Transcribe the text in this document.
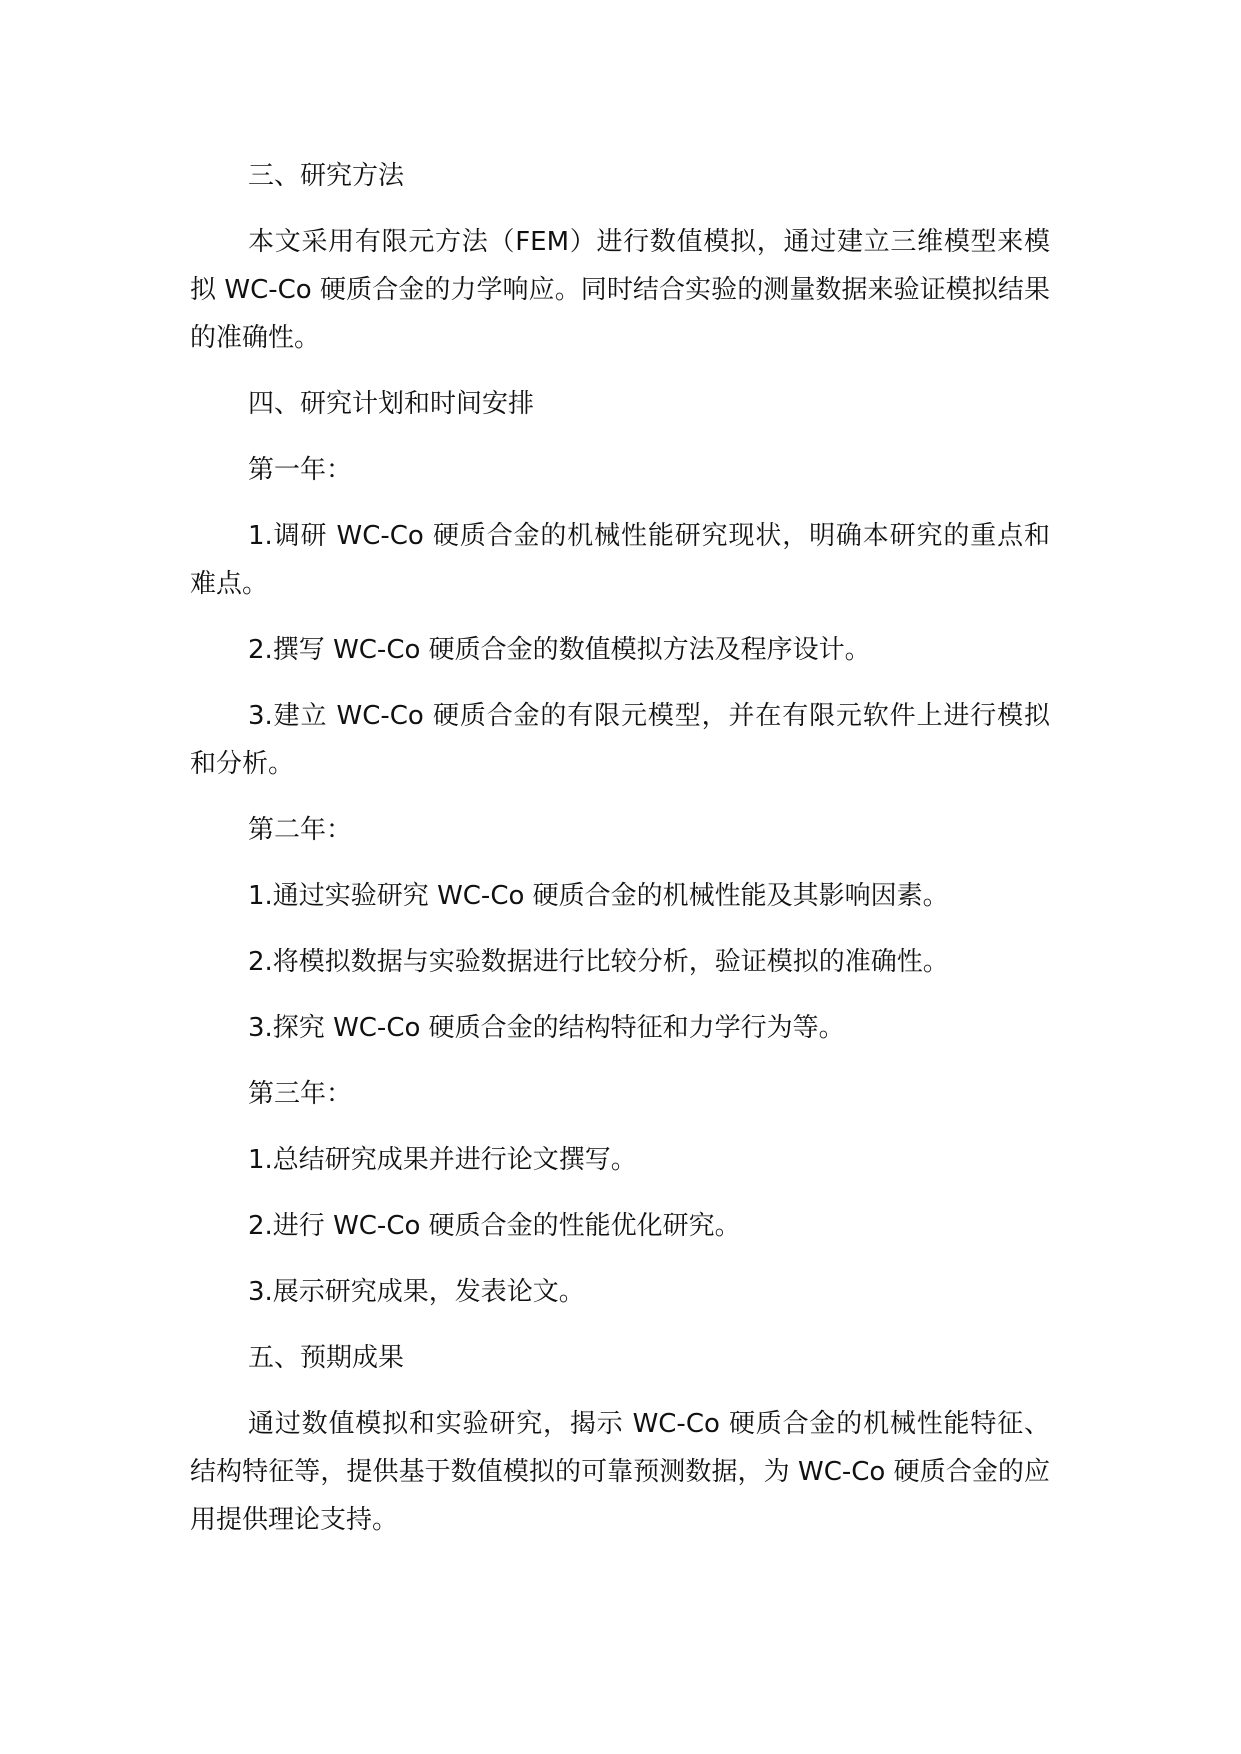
三、研究方法

本文采用有限元方法（FEM）进行数值模拟，通过建立三维模型来模拟 WC-Co 硬质合金的力学响应。同时结合实验的测量数据来验证模拟结果的准确性。

四、研究计划和时间安排

第一年：

1.调研 WC-Co 硬质合金的机械性能研究现状，明确本研究的重点和难点。

2.撰写 WC-Co 硬质合金的数值模拟方法及程序设计。

3.建立 WC-Co 硬质合金的有限元模型，并在有限元软件上进行模拟和分析。

第二年：

1.通过实验研究 WC-Co 硬质合金的机械性能及其影响因素。

2.将模拟数据与实验数据进行比较分析，验证模拟的准确性。

3.探究 WC-Co 硬质合金的结构特征和力学行为等。

第三年：

1.总结研究成果并进行论文撰写。

2.进行 WC-Co 硬质合金的性能优化研究。

3.展示研究成果，发表论文。

五、预期成果

通过数值模拟和实验研究，揭示 WC-Co 硬质合金的机械性能特征、结构特征等，提供基于数值模拟的可靠预测数据，为 WC-Co 硬质合金的应用提供理论支持。
